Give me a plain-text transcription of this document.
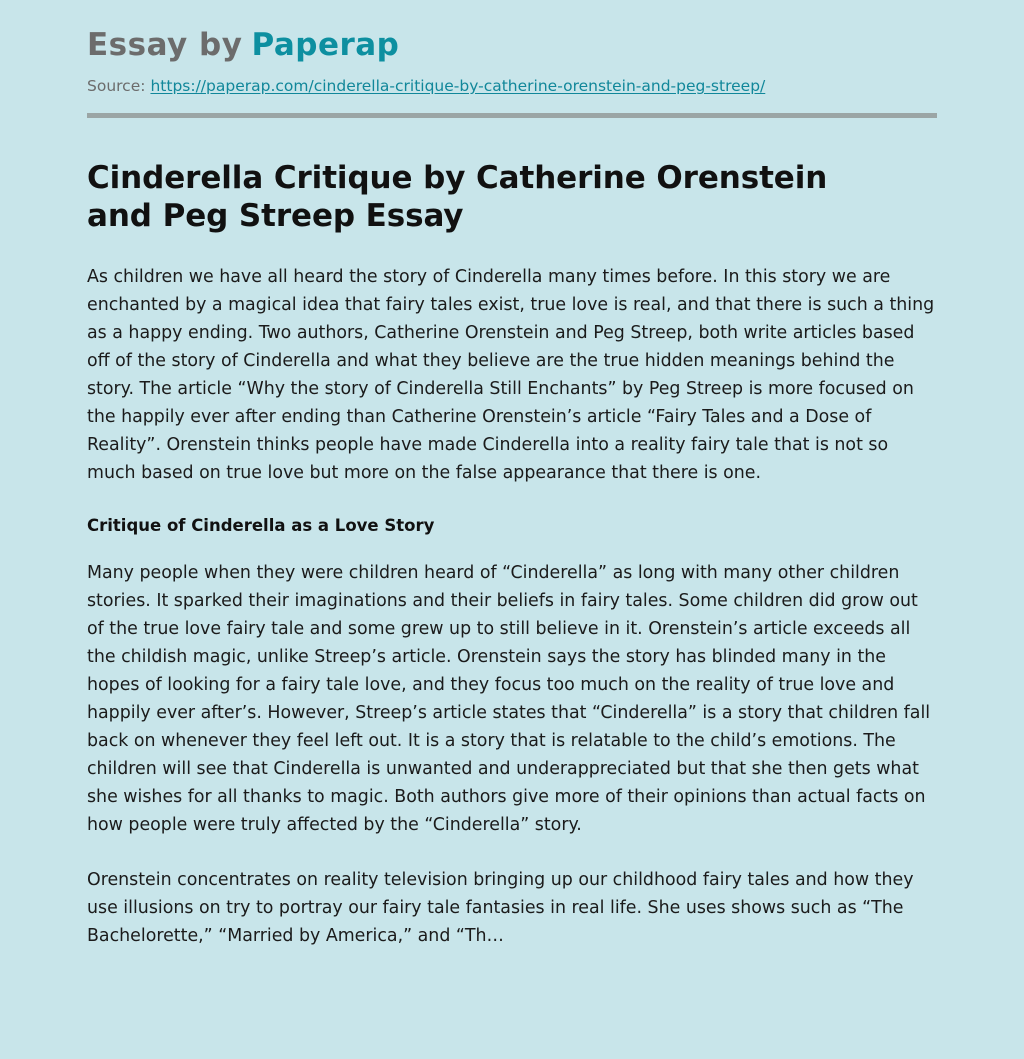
Essay by Paperap
Source: https://paperap.com/cinderella-critique-by-catherine-orenstein-and-peg-streep/
Cinderella Critique by Catherine Orenstein and Peg Streep Essay

As children we have all heard the story of Cinderella many times before. In this story we are enchanted by a magical idea that fairy tales exist, true love is real, and that there is such a thing as a happy ending. Two authors, Catherine Orenstein and Peg Streep, both write articles based off of the story of Cinderella and what they believe are the true hidden meanings behind the story. The article “Why the story of Cinderella Still Enchants” by Peg Streep is more focused on the happily ever after ending than Catherine Orenstein’s article “Fairy Tales and a Dose of Reality”. Orenstein thinks people have made Cinderella into a reality fairy tale that is not so much based on true love but more on the false appearance that there is one.

Critique of Cinderella as a Love Story

Many people when they were children heard of “Cinderella” as long with many other children stories. It sparked their imaginations and their beliefs in fairy tales. Some children did grow out of the true love fairy tale and some grew up to still believe in it. Orenstein’s article exceeds all the childish magic, unlike Streep’s article. Orenstein says the story has blinded many in the hopes of looking for a fairy tale love, and they focus too much on the reality of true love and happily ever after’s. However, Streep’s article states that “Cinderella” is a story that children fall back on whenever they feel left out. It is a story that is relatable to the child’s emotions. The children will see that Cinderella is unwanted and underappreciated but that she then gets what she wishes for all thanks to magic. Both authors give more of their opinions than actual facts on how people were truly affected by the “Cinderella” story.

Orenstein concentrates on reality television bringing up our childhood fairy tales and how they use illusions on try to portray our fairy tale fantasies in real life. She uses shows such as “The Bachelorette,” “Married by America,” and “Th…
